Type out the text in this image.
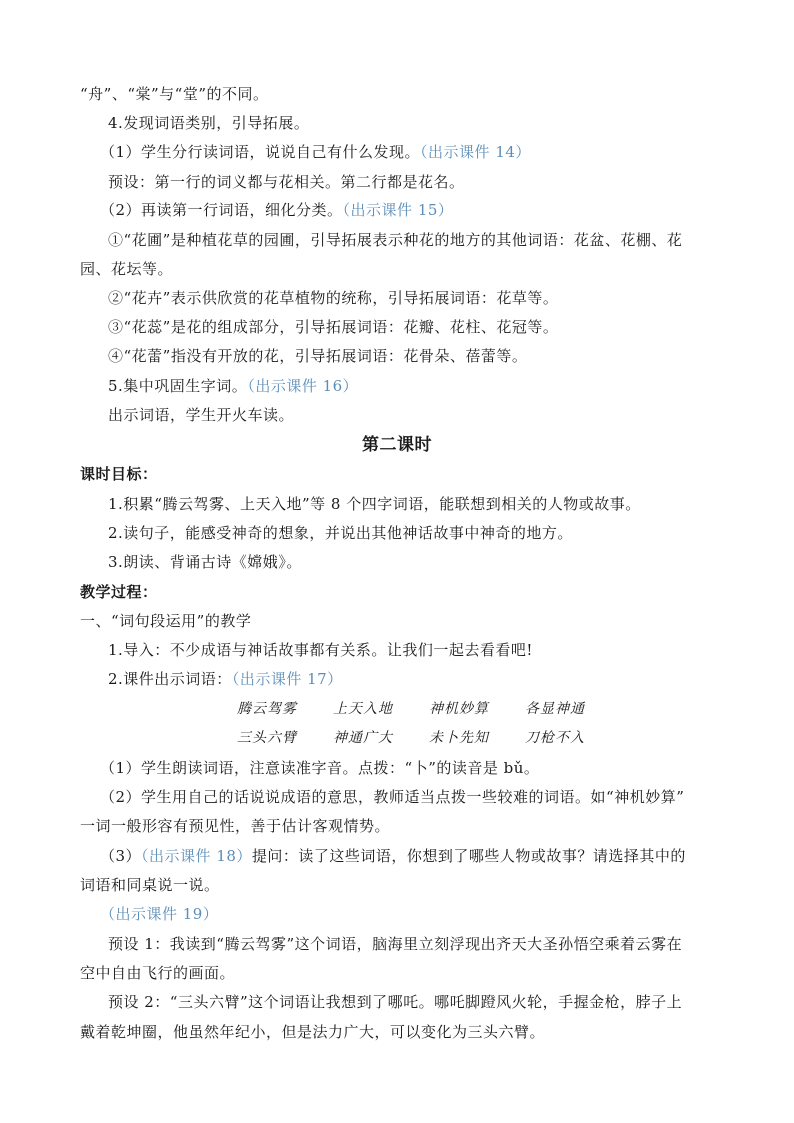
“舟”、“棠”与“堂”的不同。
4.发现词语类别，引导拓展。
（1）学生分行读词语，说说自己有什么发现。（出示课件 14）
预设：第一行的词义都与花相关。第二行都是花名。
（2）再读第一行词语，细化分类。（出示课件 15）
①“花圃”是种植花草的园圃，引导拓展表示种花的地方的其他词语：花盆、花棚、花
园、花坛等。
②“花卉”表示供欣赏的花草植物的统称，引导拓展词语：花草等。
③“花蕊”是花的组成部分，引导拓展词语：花瓣、花柱、花冠等。
④“花蕾”指没有开放的花，引导拓展词语：花骨朵、蓓蕾等。
5.集中巩固生字词。（出示课件 16）
出示词语，学生开火车读。
第二课时
课时目标：
1.积累“腾云驾雾、上天入地”等 8 个四字词语，能联想到相关的人物或故事。
2.读句子，能感受神奇的想象，并说出其他神话故事中神奇的地方。
3.朗读、背诵古诗《嫦娥》。
教学过程：
一、“词句段运用”的教学
1.导入：不少成语与神话故事都有关系。让我们一起去看看吧!
2.课件出示词语：（出示课件 17）
腾云驾雾	上天入地	神机妙算	各显神通
三头六臂	神通广大	未卜先知	刀枪不入
（1）学生朗读词语，注意读准字音。点拨：“卜”的读音是 bǔ。
（2）学生用自己的话说说成语的意思，教师适当点拨一些较难的词语。如“神机妙算”
一词一般形容有预见性，善于估计客观情势。
（3）（出示课件 18）提问：读了这些词语，你想到了哪些人物或故事？请选择其中的
词语和同桌说一说。
（出示课件 19）
预设 1：我读到“腾云驾雾”这个词语，脑海里立刻浮现出齐天大圣孙悟空乘着云雾在
空中自由飞行的画面。
预设 2：“三头六臂”这个词语让我想到了哪吒。哪吒脚蹬风火轮，手握金枪，脖子上
戴着乾坤圈，他虽然年纪小，但是法力广大，可以变化为三头六臂。
